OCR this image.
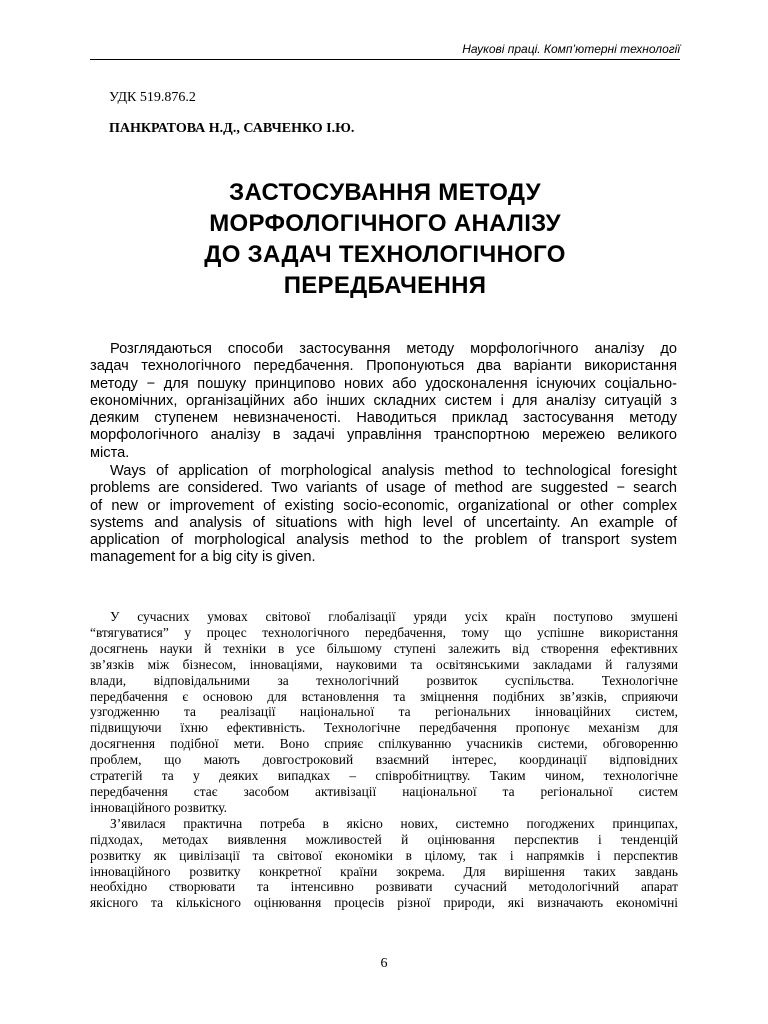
Наукові праці. Комп’ютерні технології
УДК 519.876.2
ПАНКРАТОВА Н.Д., САВЧЕНКО І.Ю.
ЗАСТОСУВАННЯ МЕТОДУ
МОРФОЛОГІЧНОГО АНАЛІЗУ
ДО ЗАДАЧ ТЕХНОЛОГІЧНОГО
ПЕРЕДБАЧЕННЯ
Розглядаються способи застосування методу морфологічного аналізу до
задач технологічного передбачення. Пропонуються два варіанти використання
методу − для пошуку принципово нових або удосконалення існуючих соціально-
економічних, організаційних або інших складних систем і для аналізу ситуацій з
деяким ступенем невизначеності. Наводиться приклад застосування методу
морфологічного аналізу в задачі управління транспортною мережею великого
міста.
Ways of application of morphological analysis method to technological foresight
problems are considered. Two variants of usage of method are suggested − search
of new or improvement of existing socio-economic, organizational or other complex
systems and analysis of situations with high level of uncertainty. An example of
application of morphological analysis method to the problem of transport system
management for a big city is given.
У сучасних умовах світової глобалізації уряди усіх країн поступово змушені
“втягуватися” у процес технологічного передбачення, тому що успішне використання
досягнень науки й техніки в усе більшому ступені залежить від створення ефективних
зв’язків між бізнесом, інноваціями, науковими та освітянськими закладами й галузями
влади, відповідальними за технологічний розвиток суспільства. Технологічне
передбачення є основою для встановлення та зміцнення подібних зв’язків, сприяючи
узгодженню та реалізації національної та регіональних інноваційних систем,
підвищуючи їхню ефективність. Технологічне передбачення пропонує механізм для
досягнення подібної мети. Воно сприяє спілкуванню учасників системи, обговоренню
проблем, що мають довгостроковий взаємний інтерес, координації відповідних
стратегій та у деяких випадках – співробітництву. Таким чином, технологічне
передбачення стає засобом активізації національної та регіональної систем
інноваційного розвитку.
З’явилася практична потреба в якісно нових, системно погоджених принципах,
підходах, методах виявлення можливостей й оцінювання перспектив і тенденцій
розвитку як цивілізації та світової економіки в цілому, так і напрямків і перспектив
інноваційного розвитку конкретної країни зокрема. Для вирішення таких завдань
необхідно створювати та інтенсивно розвивати сучасний методологічний апарат
якісного та кількісного оцінювання процесів різної природи, які визначають економічні
6
